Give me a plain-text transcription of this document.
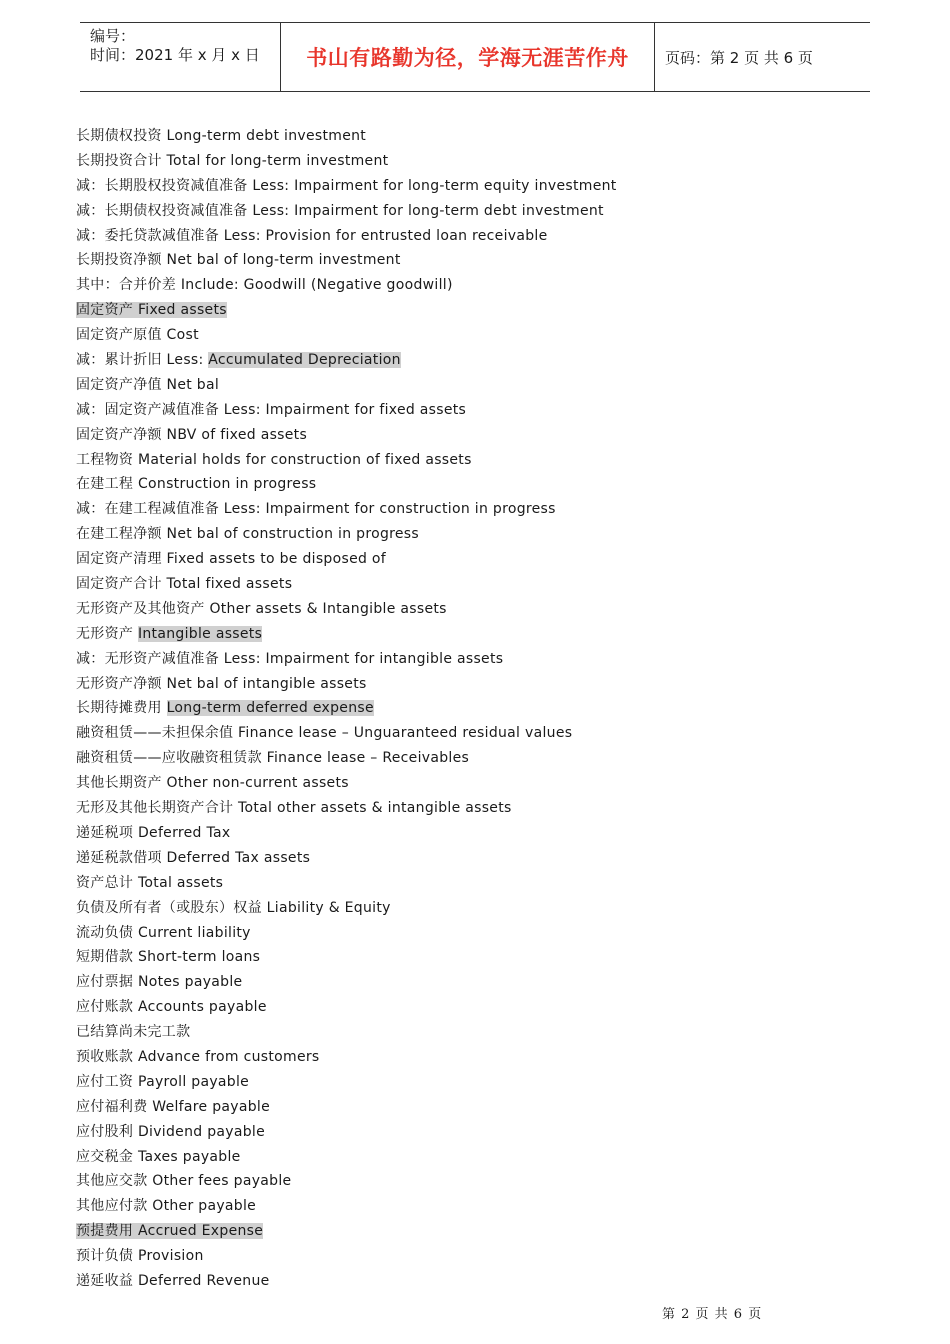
编号：
时间：2021 年 x 月 x 日	书山有路勤为径，学海无涯苦作舟	页码：第 2 页 共 6 页
长期债权投资 Long-term debt investment
长期投资合计 Total for long-term investment
减：长期股权投资减值准备 Less: Impairment for long-term equity investment
减：长期债权投资减值准备 Less: Impairment for long-term debt investment
减：委托贷款减值准备 Less: Provision for entrusted loan receivable
长期投资净额 Net bal of long-term investment
其中：合并价差 Include: Goodwill (Negative goodwill)
固定资产 Fixed assets
固定资产原值 Cost
减：累计折旧 Less: Accumulated Depreciation
固定资产净值 Net bal
减：固定资产减值准备 Less: Impairment for fixed assets
固定资产净额 NBV of fixed assets
工程物资 Material holds for construction of fixed assets
在建工程 Construction in progress
减：在建工程减值准备 Less: Impairment for construction in progress
在建工程净额 Net bal of construction in progress
固定资产清理 Fixed assets to be disposed of
固定资产合计 Total fixed assets
无形资产及其他资产 Other assets & Intangible assets
无形资产 Intangible assets
减：无形资产减值准备 Less: Impairment for intangible assets
无形资产净额 Net bal of intangible assets
长期待摊费用 Long-term deferred expense
融资租赁——未担保余值 Finance lease – Unguaranteed residual values
融资租赁——应收融资租赁款 Finance lease – Receivables
其他长期资产 Other non-current assets
无形及其他长期资产合计 Total other assets & intangible assets
递延税项 Deferred Tax
递延税款借项 Deferred Tax assets
资产总计 Total assets
负债及所有者（或股东）权益 Liability & Equity
流动负债 Current liability
短期借款 Short-term loans
应付票据 Notes payable
应付账款 Accounts payable
已结算尚未完工款
预收账款 Advance from customers
应付工资 Payroll payable
应付福利费 Welfare payable
应付股利 Dividend payable
应交税金 Taxes payable
其他应交款 Other fees payable
其他应付款 Other payable
预提费用 Accrued Expense
预计负债 Provision
递延收益 Deferred Revenue
第 2 页 共 6 页
